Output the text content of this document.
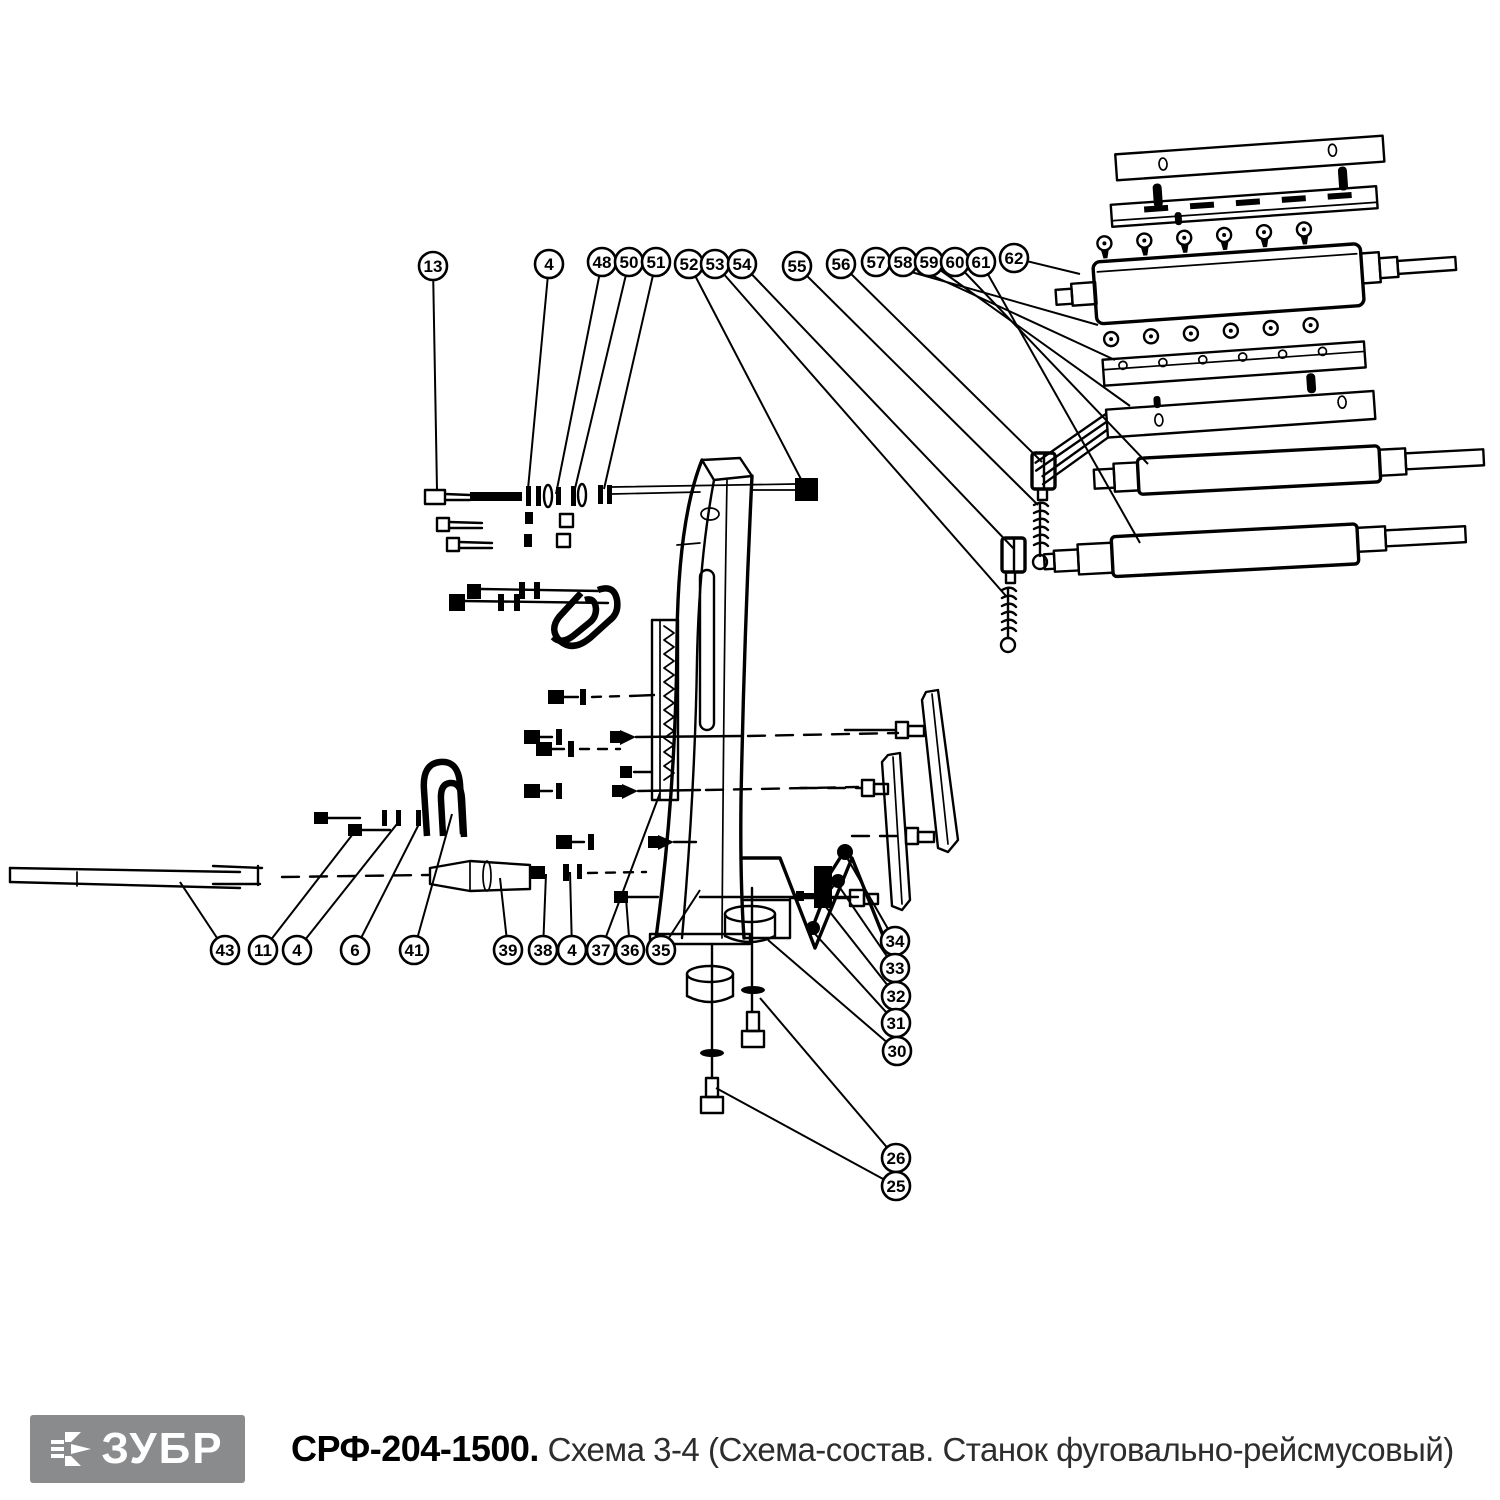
13	4 48 50 51 52 53 54 55 56 57 58 59 60 61 62
43 11 4	6	41	39 38 4 37 36 35	34
33
32
31
30
26
25
ЗУБР СРФ-204-1500. Схема 3-4 (Схема-состав. Станок фуговально-рейсмусовый)
